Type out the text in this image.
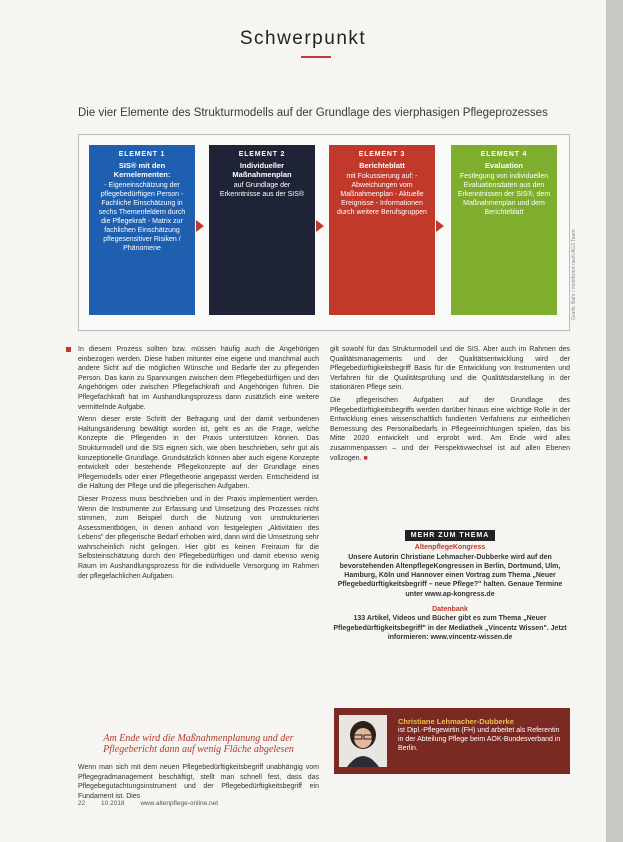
Schwerpunkt
Die vier Elemente des Strukturmodells auf der Grundlage des vierphasigen Pflegeprozesses
ELEMENT 1
SIS® mit den Kernelementen:
- Eigeneinschätzung der pflegebedürftigen Person - Fachliche Einschätzung in sechs Themenfeldern durch die Pflegekraft - Matrix zur fachlichen Einschätzung pflegesensitiver Risiken / Phänomene
ELEMENT 2
Individueller Maßnahmenplan
auf Grundlage der Erkenntnisse aus der SIS®
ELEMENT 3
Berichteblatt
mit Fokussierung auf: - Abweichungen vom Maßnahmenplan - Aktuelle Ereignisse - Informationen durch weitere Berufsgruppen
ELEMENT 4
Evaluation
Festlegung von individuellen Evaluationsdaten aus den Erkenntnissen der SIS®, dem Maßnahmenplan und dem Berichteblatt
Grafik: Bahr / modifiziert nach AG3 Team

In diesem Prozess sollten bzw. müssen häufig auch die Angehörigen einbezogen werden. Diese haben mitunter eine eigene und manchmal auch andere Sicht auf die möglichen Wünsche und Bedarfe der zu pflegenden Person. Das kann zu Spannungen zwischen dem Pflegebedürftigen und den Angehörigen oder zwischen Pflegefachkraft und Angehörigen führen. Die Pflegefachkraft hat im Aushandlungsprozess dann zusätzlich eine weitere vermittelnde Aufgabe.

Wenn dieser erste Schritt der Befragung und der damit verbundenen Haltungsänderung bewältigt worden ist, geht es an die Frage, welche Konzepte die Pflegenden in der Praxis unterstützen können. Das Strukturmodell und die SIS eignen sich, wie oben beschrieben, sehr gut als konzeptionelle Grundlage. Grundsätzlich können aber auch eigene Konzepte entwickelt oder bestehende Pflegekonzepte auf der Grundlage eines Pflegemodells oder einer Pflegetheorie angepasst werden. Entscheidend ist die Haltung der Pflege und die pflegerischen Aufgaben.

Dieser Prozess muss beschrieben und in der Praxis implementiert werden. Wenn die Instrumente zur Erfassung und Umsetzung des Prozesses nicht stimmen, zum Beispiel durch die Nutzung von unstrukturierten Assessmentbögen, in denen anhand von festgelegten „Aktivitäten des Lebens" der pflegerische Bedarf erhoben wird, dann wird die Umsetzung sehr wahrscheinlich nicht gelingen. Hier gibt es keinen Freiraum für die Selbsteinschätzung durch den Pflegebedürftigen und damit ebenso wenig Raum im Aushandlungsprozess für die individuelle Versorgung im Rahmen der pflegefachlichen Aufgaben.

Am Ende wird die Maßnahmenplanung und der Pflegebericht dann auf wenig Fläche abgelesen

Wenn man sich mit dem neuen Pflegebedürftigkeitsbegriff unabhängig vom Pflegegradmanagement beschäftigt, stellt man schnell fest, dass das Pflegebegutachtungsinstrument und der Pflegebedürftigkeitsbegriff ein Fundament ist. Dies

gilt sowohl für das Strukturmodell und die SIS. Aber auch im Rahmen des Qualitätsmanagements und der Qualitätsentwicklung wird der Pflegebedürftigkeitsbegriff Basis für die Entwicklung von Instrumenten und Verfahren für die Qualitätsprüfung und die Qualitätsdarstellung in der stationären Pflege sein.

Die pflegerischen Aufgaben auf der Grundlage des Pflegebedürftigkeitsbegriffs werden darüber hinaus eine wichtige Rolle in der Entwicklung eines wissenschaftlich fundierten Verfahrens zur einheitlichen Bemessung des Personalbedarfs in Pflegeeinrichtungen spielen, das bis Mitte 2020 entwickelt und erprobt wird. Am Ende wird alles zusammenpassen – und der Perspektivwechsel ist auf allen Ebenen vollzogen. ■

MEHR ZUM THEMA
AltenpflegeKongress
Unsere Autorin Christiane Lehmacher-Dubberke wird auf den bevorstehenden AltenpflegeKongressen in Berlin, Dortmund, Ulm, Hamburg, Köln und Hannover einen Vortrag zum Thema „Neuer Pflegebedürftigkeitsbegriff – neue Pflege?" halten. Genaue Termine unter www.ap-kongress.de
Datenbank
133 Artikel, Videos und Bücher gibt es zum Thema „Neuer Pflegebedürftigkeitsbegriff" in der Mediathek „Vincentz Wissen". Jetzt informieren: www.vincentz-wissen.de
Christiane Lehmacher-Dubberke
ist Dipl.-Pflegewirtin (FH) und arbeitet als Referentin in der Abteilung Pflege beim AOK-Bundesverband in Berlin.
22 10.2018 www.altenpflege-online.net
